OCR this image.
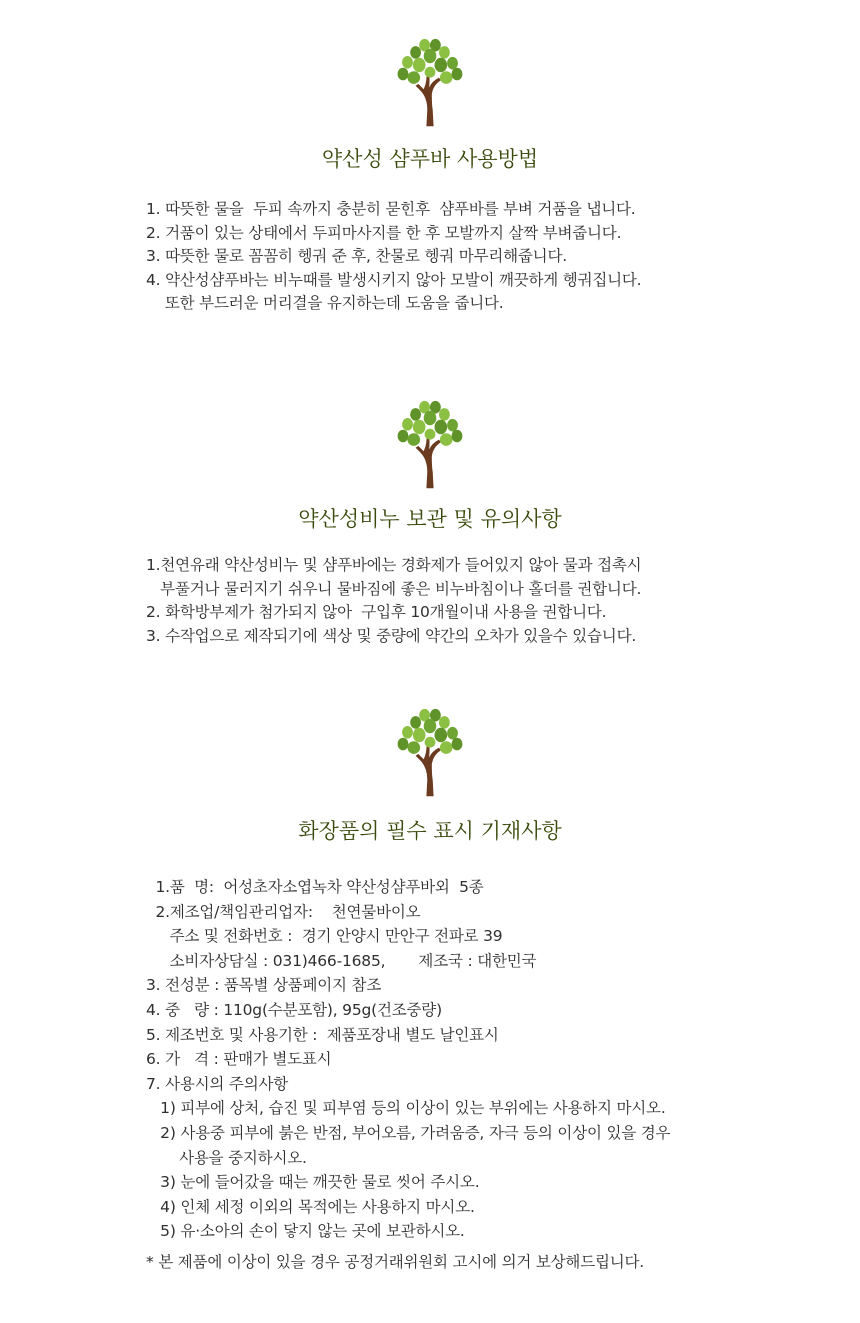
약산성 샴푸바 사용방법
1. 따뜻한 물을  두피 속까지 충분히 묻힌후  샴푸바를 부벼 거품을 냅니다.
2. 거품이 있는 상태에서 두피마사지를 한 후 모발까지 살짝 부벼줍니다.
3. 따뜻한 물로 꼼꼼히 헹궈 준 후, 찬물로 헹궈 마무리해줍니다.
4. 약산성샴푸바는 비누때를 발생시키지 않아 모발이 깨끗하게 헹궈집니다.
또한 부드러운 머리결을 유지하는데 도움을 줍니다.
약산성비누 보관 및 유의사항
1.천연유래 약산성비누 및 샴푸바에는 경화제가 들어있지 않아 물과 접촉시
부풀거나 물러지기 쉬우니 물바짐에 좋은 비누바침이나 홀더를 권합니다.
2. 화학방부제가 첨가되지 않아  구입후 10개월이내 사용을 권합니다.
3. 수작업으로 제작되기에 색상 및 중량에 약간의 오차가 있을수 있습니다.
화장품의 필수 표시 기재사항
1.품  명:  어성초자소엽녹차 약산성샴푸바외  5종
2.제조업/책임관리업자:    천연물바이오
주소 및 전화번호 :  경기 안양시 만안구 전파로 39
소비자상담실 : 031)466-1685,       제조국 : 대한민국
3. 전성분 : 품목별 상품페이지 참조
4. 중   량 : 110g(수분포함), 95g(건조중량)
5. 제조번호 및 사용기한 :  제품포장내 별도 날인표시
6. 가   격 : 판매가 별도표시
7. 사용시의 주의사항
1) 피부에 상처, 습진 및 피부염 등의 이상이 있는 부위에는 사용하지 마시오.
2) 사용중 피부에 붉은 반점, 부어오름, 가려움증, 자극 등의 이상이 있을 경우
사용을 중지하시오.
3) 눈에 들어갔을 때는 깨끗한 물로 씻어 주시오.
4) 인체 세정 이외의 목적에는 사용하지 마시오.
5) 유·소아의 손이 닿지 않는 곳에 보관하시오.
* 본 제품에 이상이 있을 경우 공정거래위원회 고시에 의거 보상해드립니다.
